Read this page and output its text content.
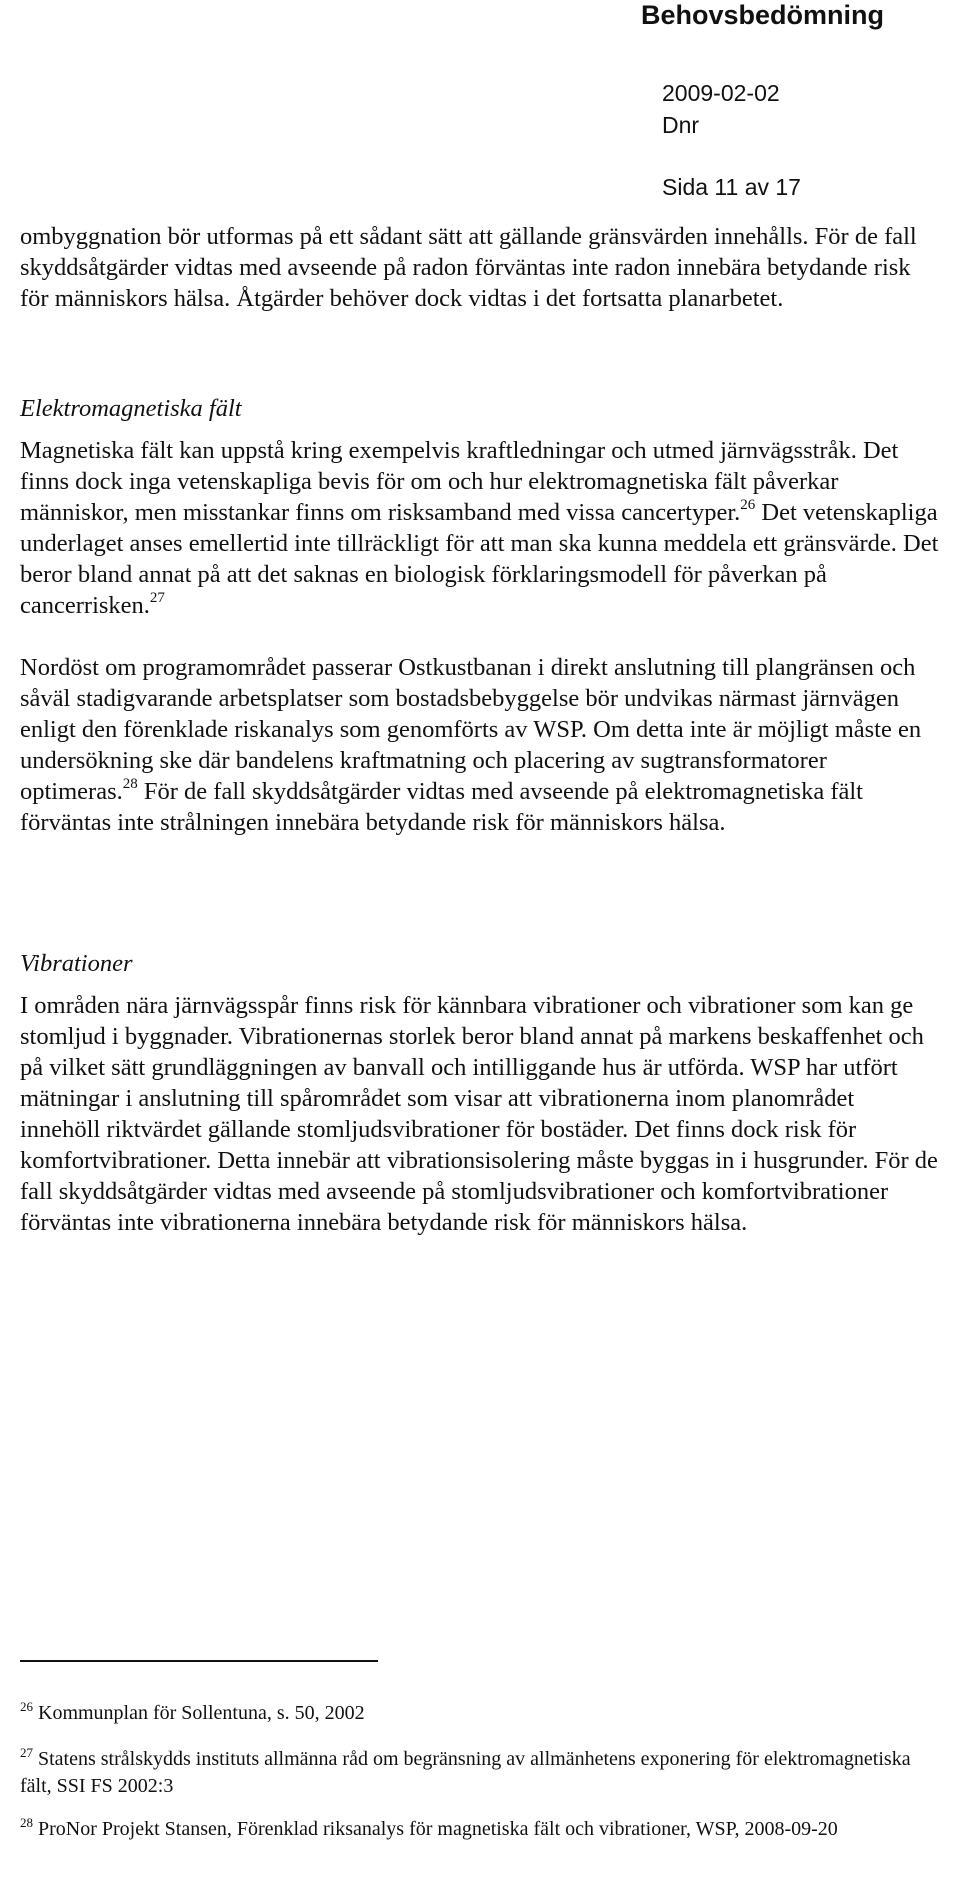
Behovsbedömning
2009-02-02
Dnr
Sida 11 av 17

ombyggnation bör utformas på ett sådant sätt att gällande gränsvärden innehålls. För de fall skyddsåtgärder vidtas med avseende på radon förväntas inte radon innebära betydande risk för människors hälsa. Åtgärder behöver dock vidtas i det fortsatta planarbetet.

Elektromagnetiska fält

Magnetiska fält kan uppstå kring exempelvis kraftledningar och utmed järnvägsstråk. Det finns dock inga vetenskapliga bevis för om och hur elektromagnetiska fält påverkar människor, men misstankar finns om risksamband med vissa cancertyper.$^{26}$ Det vetenskapliga underlaget anses emellertid inte tillräckligt för att man ska kunna meddela ett gränsvärde. Det beror bland annat på att det saknas en biologisk förklaringsmodell för påverkan på cancerrisken.$^{27}$

Nordöst om programområdet passerar Ostkustbanan i direkt anslutning till plangränsen och såväl stadigvarande arbetsplatser som bostadsbebyggelse bör undvikas närmast järnvägen enligt den förenklade riskanalys som genomförts av WSP. Om detta inte är möjligt måste en undersökning ske där bandelens kraftmatning och placering av sugtransformatorer optimeras.$^{28}$ För de fall skyddsåtgärder vidtas med avseende på elektromagnetiska fält förväntas inte strålningen innebära betydande risk för människors hälsa.

Vibrationer

I områden nära järnvägsspår finns risk för kännbara vibrationer och vibrationer som kan ge stomljud i byggnader. Vibrationernas storlek beror bland annat på markens beskaffenhet och på vilket sätt grundläggningen av banvall och intilliggande hus är utförda. WSP har utfört mätningar i anslutning till spårområdet som visar att vibrationerna inom planområdet innehöll riktvärdet gällande stomljudsvibrationer för bostäder. Det finns dock risk för komfortvibrationer. Detta innebär att vibrationsisolering måste byggas in i husgrunder. För de fall skyddsåtgärder vidtas med avseende på stomljudsvibrationer och komfortvibrationer förväntas inte vibrationerna innebära betydande risk för människors hälsa.

$^{26}$ Kommunplan för Sollentuna, s. 50, 2002
$^{27}$ Statens strålskydds instituts allmänna råd om begränsning av allmänhetens exponering för elektromagnetiska fält, SSI FS 2002:3
$^{28}$ ProNor Projekt Stansen, Förenklad riksanalys för magnetiska fält och vibrationer, WSP, 2008-09-20
